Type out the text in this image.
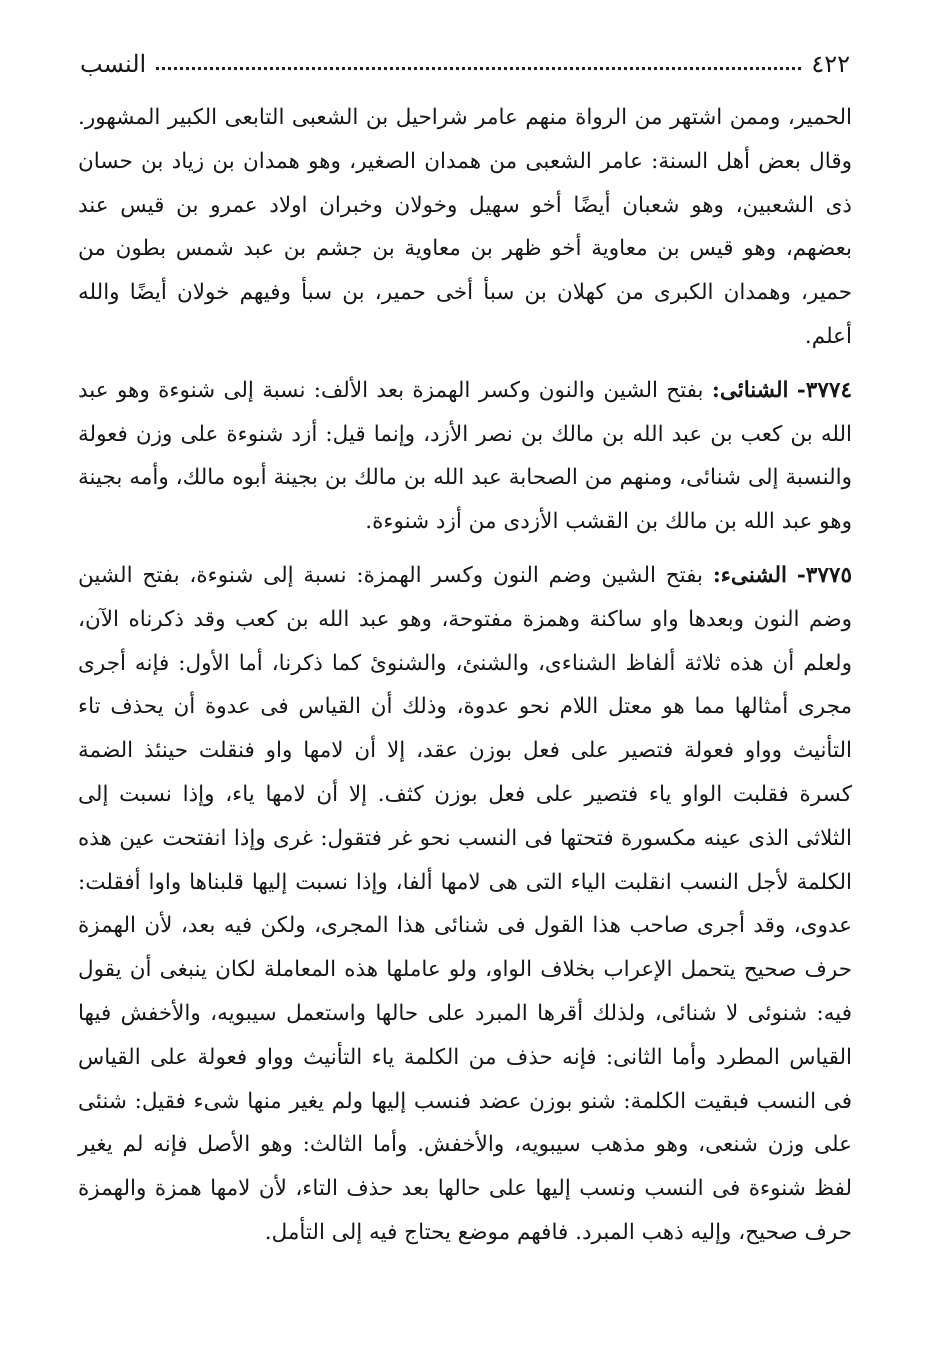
٤٢٢
النسب

الحمير، وممن اشتهر من الرواة منهم عامر شراحيل بن الشعبى التابعى الكبير المشهور. وقال بعض أهل السنة: عامر الشعبى من همدان الصغير، وهو همدان بن زياد بن حسان ذى الشعبين، وهو شعبان أيضًا أخو سهيل وخولان وخبران اولاد عمرو بن قيس عند بعضهم، وهو قيس بن معاوية أخو ظهر بن معاوية بن جشم بن عبد شمس بطون من حمير، وهمدان الكبرى من كهلان بن سبأ أخى حمير، بن سبأ وفيهم خولان أيضًا والله أعلم.

٣٧٧٤- الشنائى: بفتح الشين والنون وكسر الهمزة بعد الألف: نسبة إلى شنوءة وهو عبد الله بن كعب بن عبد الله بن مالك بن نصر الأزد، وإنما قيل: أزد شنوءة على وزن فعولة والنسبة إلى شنائى، ومنهم من الصحابة عبد الله بن مالك بن بجينة أبوه مالك، وأمه بجينة وهو عبد الله بن مالك بن القشب الأزدى من أزد شنوءة.

٣٧٧٥- الشنىء: بفتح الشين وضم النون وكسر الهمزة: نسبة إلى شنوءة، بفتح الشين وضم النون وبعدها واو ساكنة وهمزة مفتوحة، وهو عبد الله بن كعب وقد ذكرناه الآن، ولعلم أن هذه ثلاثة ألفاظ الشناءى، والشنئ، والشنوئ كما ذكرنا، أما الأول: فإنه أجرى مجرى أمثالها مما هو معتل اللام نحو عدوة، وذلك أن القياس فى عدوة أن يحذف تاء التأنيث وواو فعولة فتصير على فعل بوزن عقد، إلا أن لامها واو فنقلت حينئذ الضمة كسرة فقلبت الواو ياء فتصير على فعل بوزن كثف. إلا أن لامها ياء، وإذا نسبت إلى الثلاثى الذى عينه مكسورة فتحتها فى النسب نحو غر فتقول: غرى وإذا انفتحت عين هذه الكلمة لأجل النسب انقلبت الياء التى هى لامها ألفا، وإذا نسبت إليها قلبناها واوا أفقلت: عدوى، وقد أجرى صاحب هذا القول فى شنائى هذا المجرى، ولكن فيه بعد، لأن الهمزة حرف صحيح يتحمل الإعراب بخلاف الواو، ولو عاملها هذه المعاملة لكان ينبغى أن يقول فيه: شنوئى لا شنائى، ولذلك أقرها المبرد على حالها واستعمل سيبويه، والأخفش فيها القياس المطرد وأما الثانى: فإنه حذف من الكلمة ياء التأنيث وواو فعولة على القياس فى النسب فبقيت الكلمة: شنو بوزن عضد فنسب إليها ولم يغير منها شىء فقيل: شنئى على وزن شنعى، وهو مذهب سيبويه، والأخفش. وأما الثالث: وهو الأصل فإنه لم يغير لفظ شنوءة فى النسب ونسب إليها على حالها بعد حذف التاء، لأن لامها همزة والهمزة حرف صحيح، وإليه ذهب المبرد. فافهم موضع يحتاج فيه إلى التأمل.
